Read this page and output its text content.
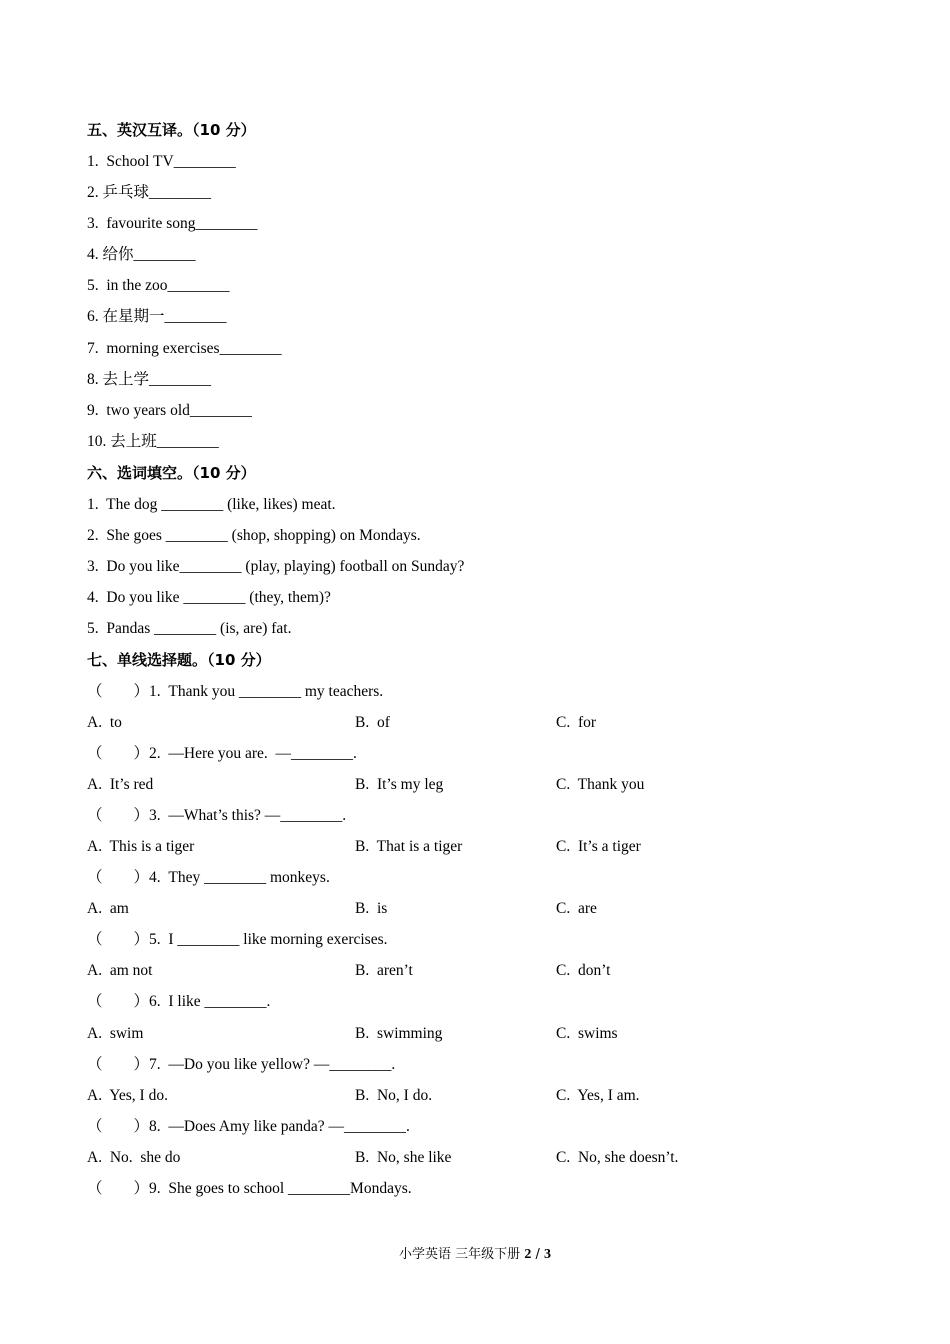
五、英汉互译。（10 分）
1.  School TV________
2. 乒乓球________
3.  favourite song________
4. 给你________
5.  in the zoo________
6. 在星期一________
7.  morning exercises________
8. 去上学________
9.  two years old________
10. 去上班________
六、选词填空。（10 分）
1.  The dog ________ (like, likes) meat.
2.  She goes ________ (shop, shopping) on Mondays.
3.  Do you like________ (play, playing) football on Sunday?
4.  Do you like ________ (they, them)?
5.  Pandas ________ (is, are) fat.
七、单线选择题。（10 分）
（        ）1.  Thank you ________ my teachers.
A.  to	B.  of	C.  for
（        ）2.  —Here you are.  —________.
A.  It’s red	B.  It’s my leg	C.  Thank you
（        ）3.  —What’s this? —________.
A.  This is a tiger	B.  That is a tiger	C.  It’s a tiger
（        ）4.  They ________ monkeys.
A.  am	B.  is	C.  are
（        ）5.  I ________ like morning exercises.
A.  am not	B.  aren’t	C.  don’t
（        ）6.  I like ________.
A.  swim	B.  swimming	C.  swims
（        ）7.  —Do you like yellow? —________.
A.  Yes, I do.	B.  No, I do.	C.  Yes, I am.
（        ）8.  —Does Amy like panda? —________.
A.  No.  she do	B.  No, she like	C.  No, she doesn’t.
（        ）9.  She goes to school ________Mondays.
小学英语 三年级下册 2 / 3
